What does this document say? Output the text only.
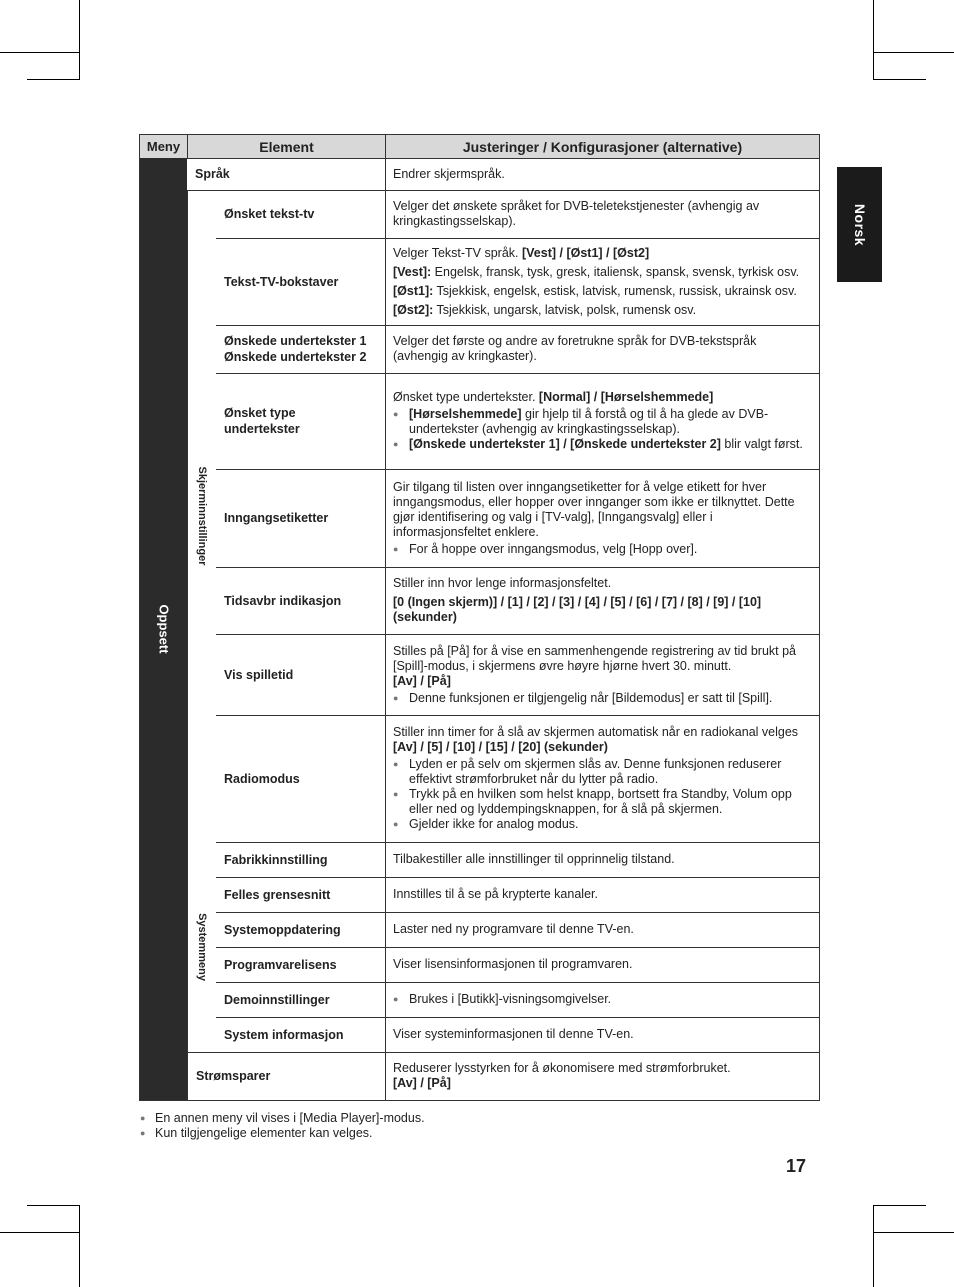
Norsk
Meny	Element	Justeringer / Konfigurasjoner (alternative)
Oppsett
Skjerminnstillinger
Systemmeny
Språk	Endrer skjermspråk.

Ønsket tekst-tv

Velger det ønskete språket for DVB-teletekstjenester (avhengig av kringkastingsselskap).

Tekst-TV-bokstaver

Velger Tekst-TV språk. [Vest] / [Øst1] / [Øst2]

[Vest]: Engelsk, fransk, tysk, gresk, italiensk, spansk, svensk, tyrkisk osv.

[Øst1]: Tsjekkisk, engelsk, estisk, latvisk, rumensk, russisk, ukrainsk osv.

[Øst2]: Tsjekkisk, ungarsk, latvisk, polsk, rumensk osv.

Ønskede undertekster 1
Ønskede undertekster 2

Velger det første og andre av foretrukne språk for DVB-tekstspråk (avhengig av kringkaster).

Ønsket type undertekster

Ønsket type undertekster. [Normal] / [Hørselshemmede]

● [Hørselshemmede] gir hjelp til å forstå og til å ha glede av DVB-undertekster (avhengig av kringkastingsselskap).
● [Ønskede undertekster 1] / [Ønskede undertekster 2] blir valgt først.
Inngangsetiketter

Gir tilgang til listen over inngangsetiketter for å velge etikett for hver inngangsmodus, eller hopper over innganger som ikke er tilknyttet. Dette gjør identifisering og valg i [TV-valg], [Inngangsvalg] eller i informasjonsfeltet enklere.

● For å hoppe over inngangsmodus, velg [Hopp over].
Tidsavbr indikasjon

Stiller inn hvor lenge informasjonsfeltet.

[0 (Ingen skjerm)] / [1] / [2] / [3] / [4] / [5] / [6] / [7] / [8] / [9] / [10] (sekunder)

Vis spilletid

Stilles på [På] for å vise en sammenhengende registrering av tid brukt på [Spill]-modus, i skjermens øvre høyre hjørne hvert 30. minutt.

[Av] / [På]

● Denne funksjonen er tilgjengelig når [Bildemodus] er satt til [Spill].
Radiomodus

Stiller inn timer for å slå av skjermen automatisk når en radiokanal velges [Av] / [5] / [10] / [15] / [20] (sekunder)

● Lyden er på selv om skjermen slås av. Denne funksjonen reduserer effektivt strømforbruket når du lytter på radio.
● Trykk på en hvilken som helst knapp, bortsett fra Standby, Volum opp eller ned og lyddempingsknappen, for å slå på skjermen.
● Gjelder ikke for analog modus.
Fabrikkinnstilling	Tilbakestiller alle innstillinger til opprinnelig tilstand.

Felles grensesnitt	Innstilles til å se på krypterte kanaler.

Systemoppdatering	Laster ned ny programvare til denne TV-en.

Programvarelisens	Viser lisensinformasjonen til programvaren.

Demoinnstillinger
●	Brukes i [Butikk]-visningsomgivelser.
System informasjon	Viser systeminformasjonen til denne TV-en.

Strømsparer

Reduserer lysstyrken for å økonomisere med strømforbruket.

[Av] / [På]

● En annen meny vil vises i [Media Player]-modus.
● Kun tilgjengelige elementer kan velges.
17
